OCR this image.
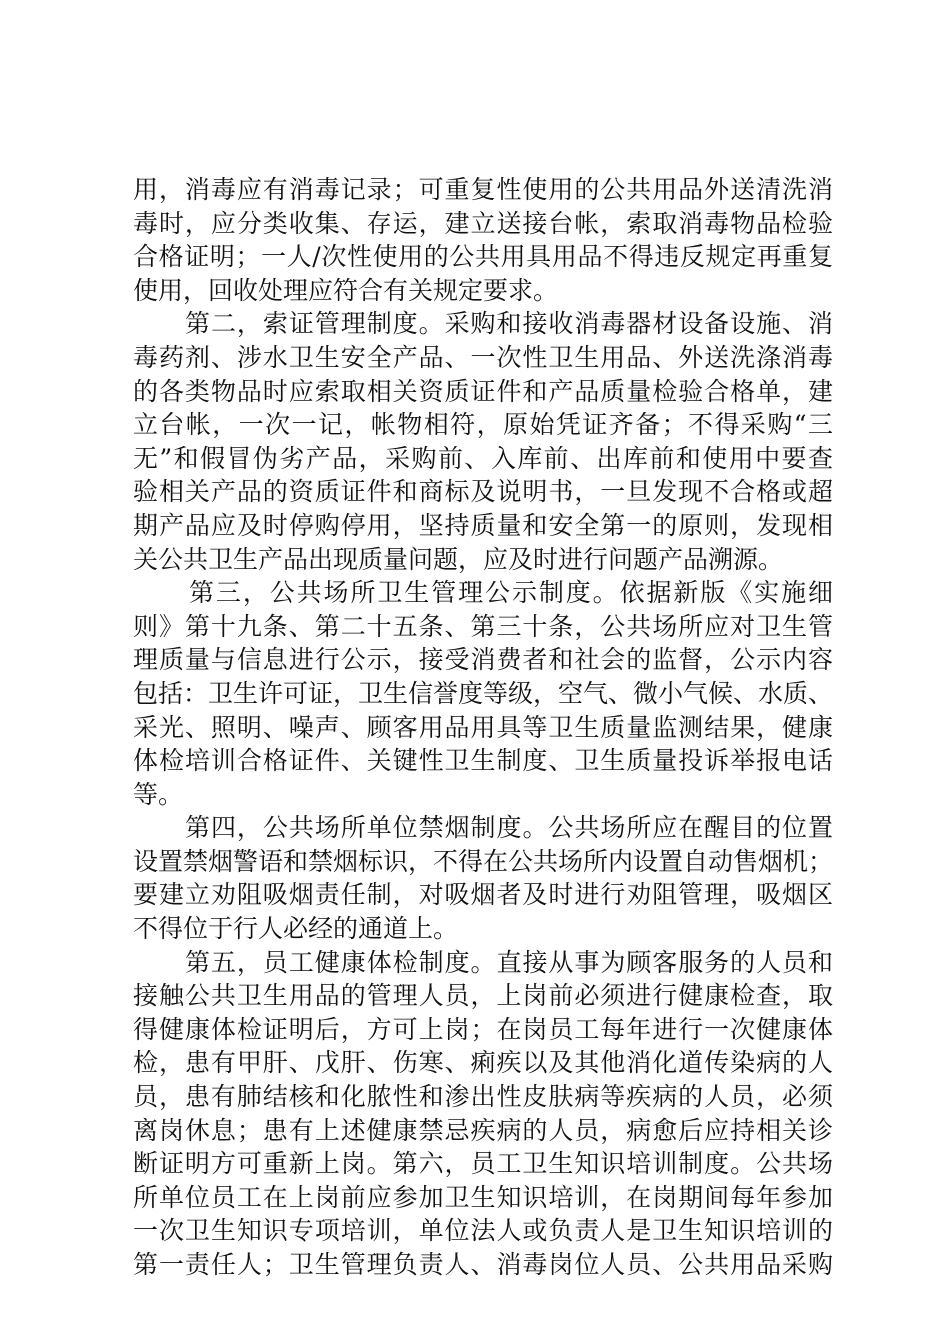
用，消毒应有消毒记录；可重复性使用的公共用品外送清洗消
毒时，应分类收集、存运，建立送接台帐，索取消毒物品检验
合格证明；一人/次性使用的公共用具用品不得违反规定再重复
使用，回收处理应符合有关规定要求。
第二，索证管理制度。采购和接收消毒器材设备设施、消
毒药剂、涉水卫生安全产品、一次性卫生用品、外送洗涤消毒
的各类物品时应索取相关资质证件和产品质量检验合格单，建
立台帐，一次一记，帐物相符，原始凭证齐备；不得采购“三
无”和假冒伪劣产品，采购前、入库前、出库前和使用中要查
验相关产品的资质证件和商标及说明书，一旦发现不合格或超
期产品应及时停购停用，坚持质量和安全第一的原则，发现相
关公共卫生产品出现质量问题，应及时进行问题产品溯源。
第三，公共场所卫生管理公示制度。依据新版《实施细
则》第十九条、第二十五条、第三十条，公共场所应对卫生管
理质量与信息进行公示，接受消费者和社会的监督，公示内容
包括：卫生许可证，卫生信誉度等级，空气、微小气候、水质、
采光、照明、噪声、顾客用品用具等卫生质量监测结果，健康
体检培训合格证件、关键性卫生制度、卫生质量投诉举报电话
等。
第四，公共场所单位禁烟制度。公共场所应在醒目的位置
设置禁烟警语和禁烟标识，不得在公共场所内设置自动售烟机；
要建立劝阻吸烟责任制，对吸烟者及时进行劝阻管理，吸烟区
不得位于行人必经的通道上。
第五，员工健康体检制度。直接从事为顾客服务的人员和
接触公共卫生用品的管理人员，上岗前必须进行健康检查，取
得健康体检证明后，方可上岗；在岗员工每年进行一次健康体
检，患有甲肝、戊肝、伤寒、痢疾以及其他消化道传染病的人
员，患有肺结核和化脓性和渗出性皮肤病等疾病的人员，必须
离岗休息；患有上述健康禁忌疾病的人员，病愈后应持相关诊
断证明方可重新上岗。第六，员工卫生知识培训制度。公共场
所单位员工在上岗前应参加卫生知识培训，在岗期间每年参加
一次卫生知识专项培训，单位法人或负责人是卫生知识培训的
第一责任人；卫生管理负责人、消毒岗位人员、公共用品采购
